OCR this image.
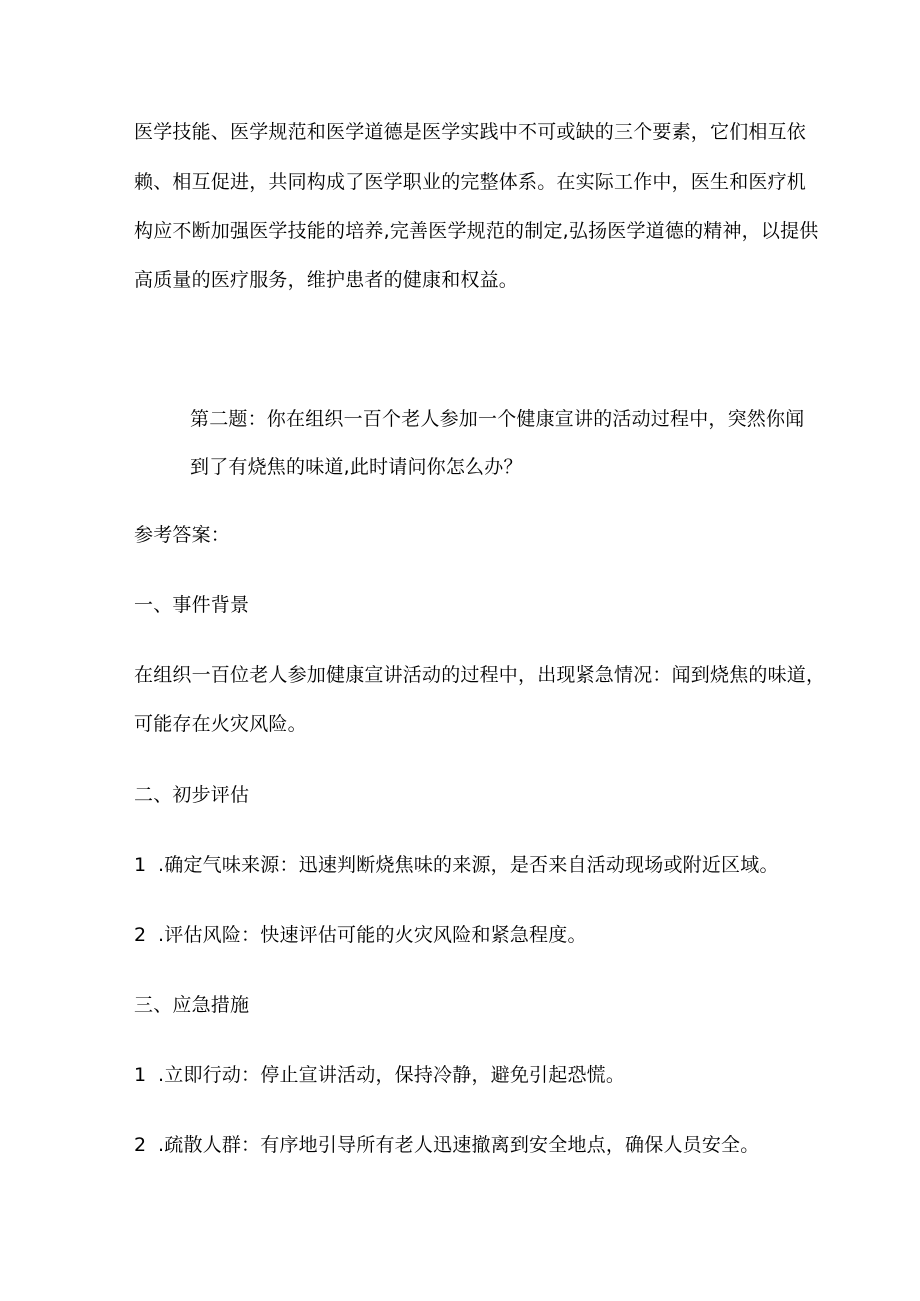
医学技能、医学规范和医学道德是医学实践中不可或缺的三个要素，它们相互依
赖、相互促进，共同构成了医学职业的完整体系。在实际工作中，医生和医疗机
构应不断加强医学技能的培养,完善医学规范的制定,弘扬医学道德的精神，以提供
高质量的医疗服务，维护患者的健康和权益。
第二题：你在组织一百个老人参加一个健康宣讲的活动过程中，突然你闻
到了有烧焦的味道,此时请问你怎么办？
参考答案：
一、事件背景
在组织一百位老人参加健康宣讲活动的过程中，出现紧急情况：闻到烧焦的味道，
可能存在火灾风险。
二、初步评估
1 .确定气味来源：迅速判断烧焦味的来源，是否来自活动现场或附近区域。
2 .评估风险：快速评估可能的火灾风险和紧急程度。
三、应急措施
1 .立即行动：停止宣讲活动，保持冷静，避免引起恐慌。
2 .疏散人群：有序地引导所有老人迅速撤离到安全地点，确保人员安全。
